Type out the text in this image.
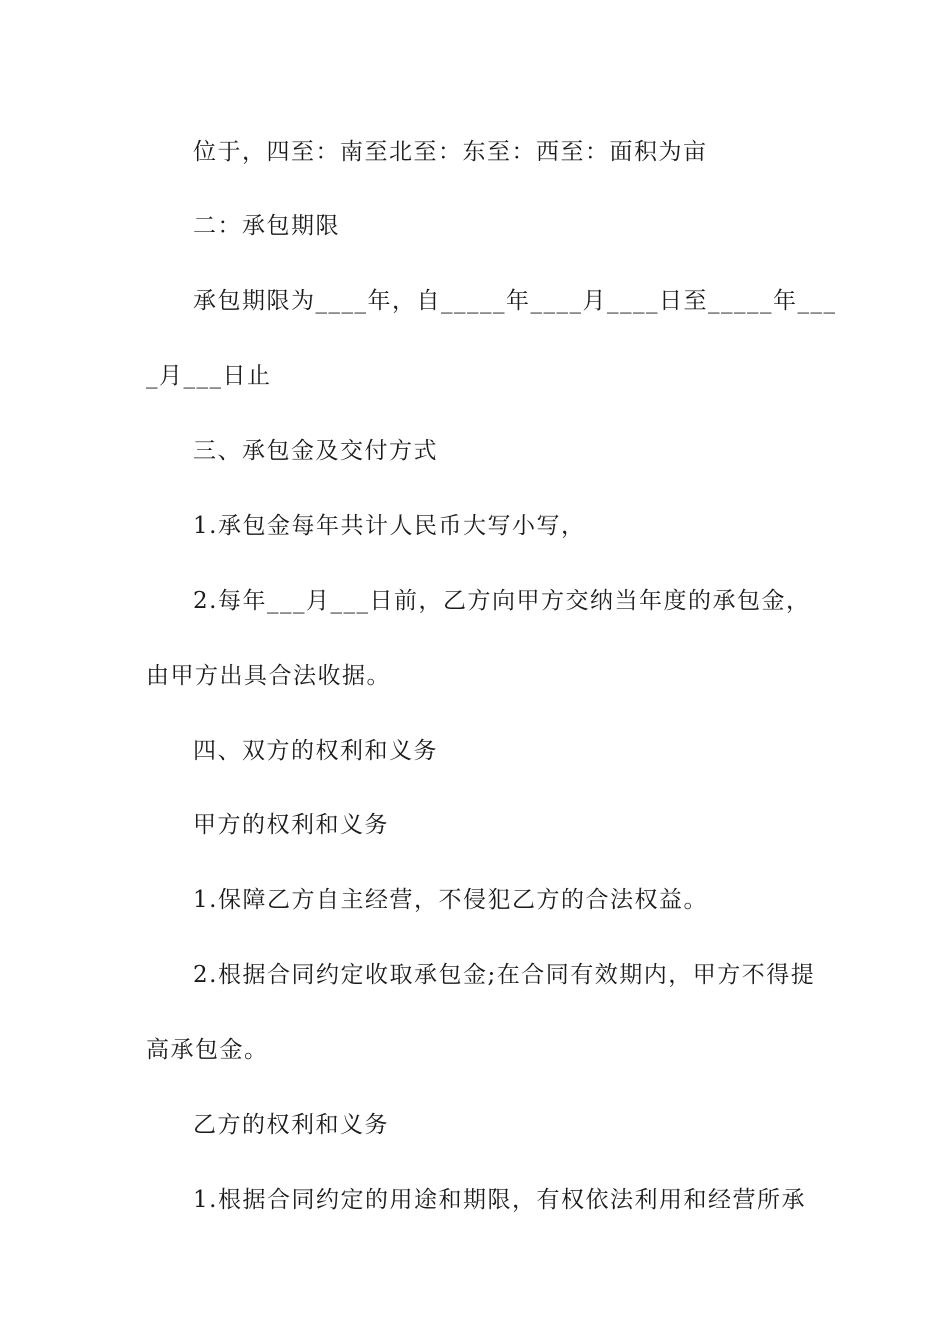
位于，四至：南至北至：东至：西至：面积为亩
二：承包期限
承包期限为____年，自_____年____月____日至_____年___
_月___日止
三、承包金及交付方式
1.承包金每年共计人民币大写小写，
2.每年___月___日前，乙方向甲方交纳当年度的承包金，
由甲方出具合法收据。
四、双方的权利和义务
甲方的权利和义务
1.保障乙方自主经营，不侵犯乙方的合法权益。
2.根据合同约定收取承包金;在合同有效期内，甲方不得提
高承包金。
乙方的权利和义务
1.根据合同约定的用途和期限，有权依法利用和经营所承
